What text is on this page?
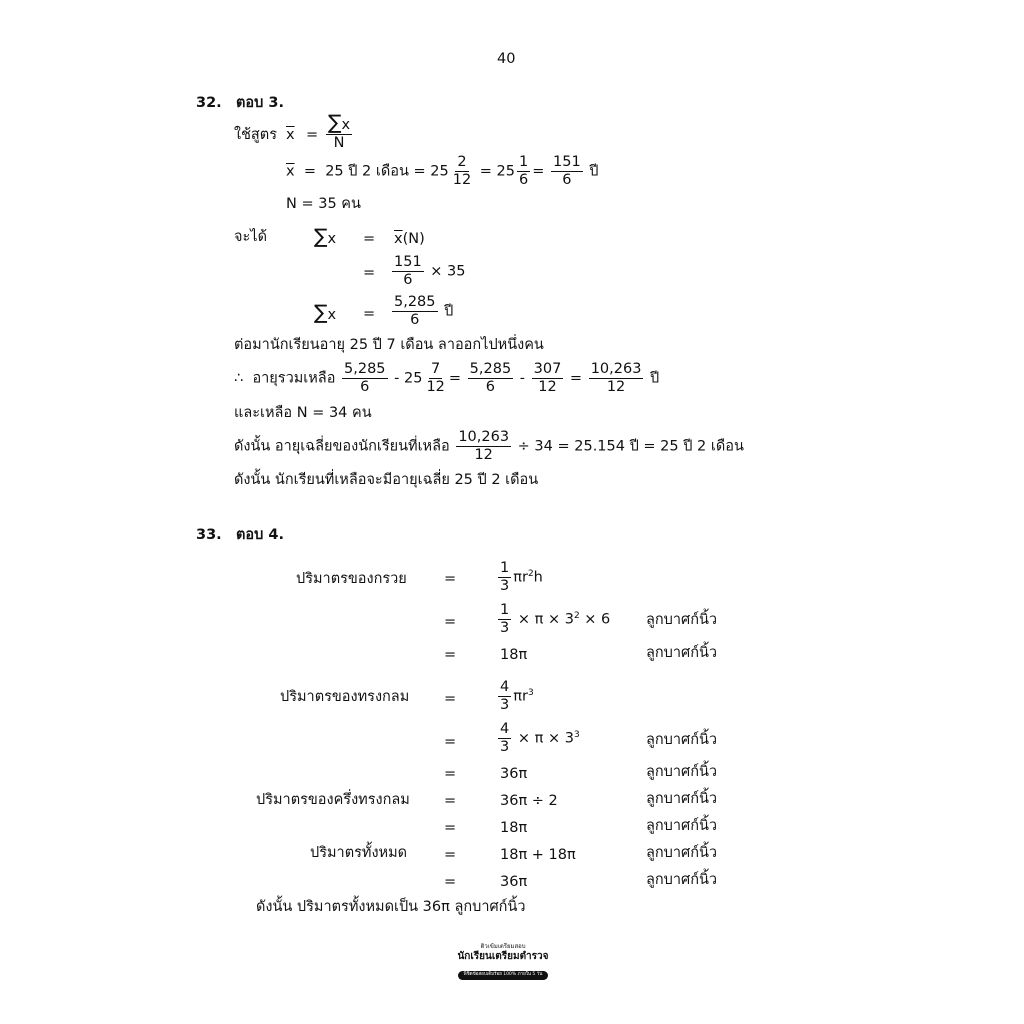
40
32. ตอบ 3.
ใช้สูตร $\overline{x} = \frac{\sum x}{N}$
$\overline{x} = 25$ ปี 2 เดือน = $25 \frac{2}{12} = 25 \frac{1}{6} = \frac{151}{6}$ ปี
N = 35 คน
จะได้ $\sum x = \overline{x}(N)$
= $\frac{151}{6} \times 35$
$\sum x = \frac{5,285}{6}$ ปี
ต่อมานักเรียนอายุ 25 ปี 7 เดือน ลาออกไปหนึ่งคน
∴ อายุรวมเหลือ $\frac{5,285}{6} - 25 \frac{7}{12} = \frac{5,285}{6} - \frac{307}{12} = \frac{10,263}{12}$ ปี
และเหลือ N = 34 คน
ดังนั้น อายุเฉลี่ยของนักเรียนที่เหลือ $\frac{10,263}{12} \div 34 = 25.154$ ปี = 25 ปี 2 เดือน
ดังนั้น นักเรียนที่เหลือจะมีอายุเฉลี่ย 25 ปี 2 เดือน
33. ตอบ 4.
ปริมาตรของกรวย	=	$\frac{1}{3} \pi r^2h$
=	$\frac{1}{3} \times \pi \times 3^2 \times 6$ ลูกบาศก์นิ้ว
=	18π	ลูกบาศก์นิ้ว
ปริมาตรของทรงกลม =	$\frac{4}{3} \pi r^3$
=	$\frac{4}{3} \times \pi \times 3^3$	ลูกบาศก์นิ้ว
=	36π	ลูกบาศก์นิ้ว
ปริมาตรของครึ่งทรงกลม =	36π ÷ 2	ลูกบาศก์นิ้ว
=	18π	ลูกบาศก์นิ้ว
ปริมาตรทั้งหมด	=	18π + 18π	ลูกบาศก์นิ้ว
=	36π	ลูกบาศก์นิ้ว
ดังนั้น ปริมาตรทั้งหมดเป็น 36π ลูกบาศก์นิ้ว
ติวเข้มเตรียมสอบ
นักเรียนเตรียมตำรวจ
พิชิตข้อสอบเต็มร้อย 100% ภายใน 5 วัน
